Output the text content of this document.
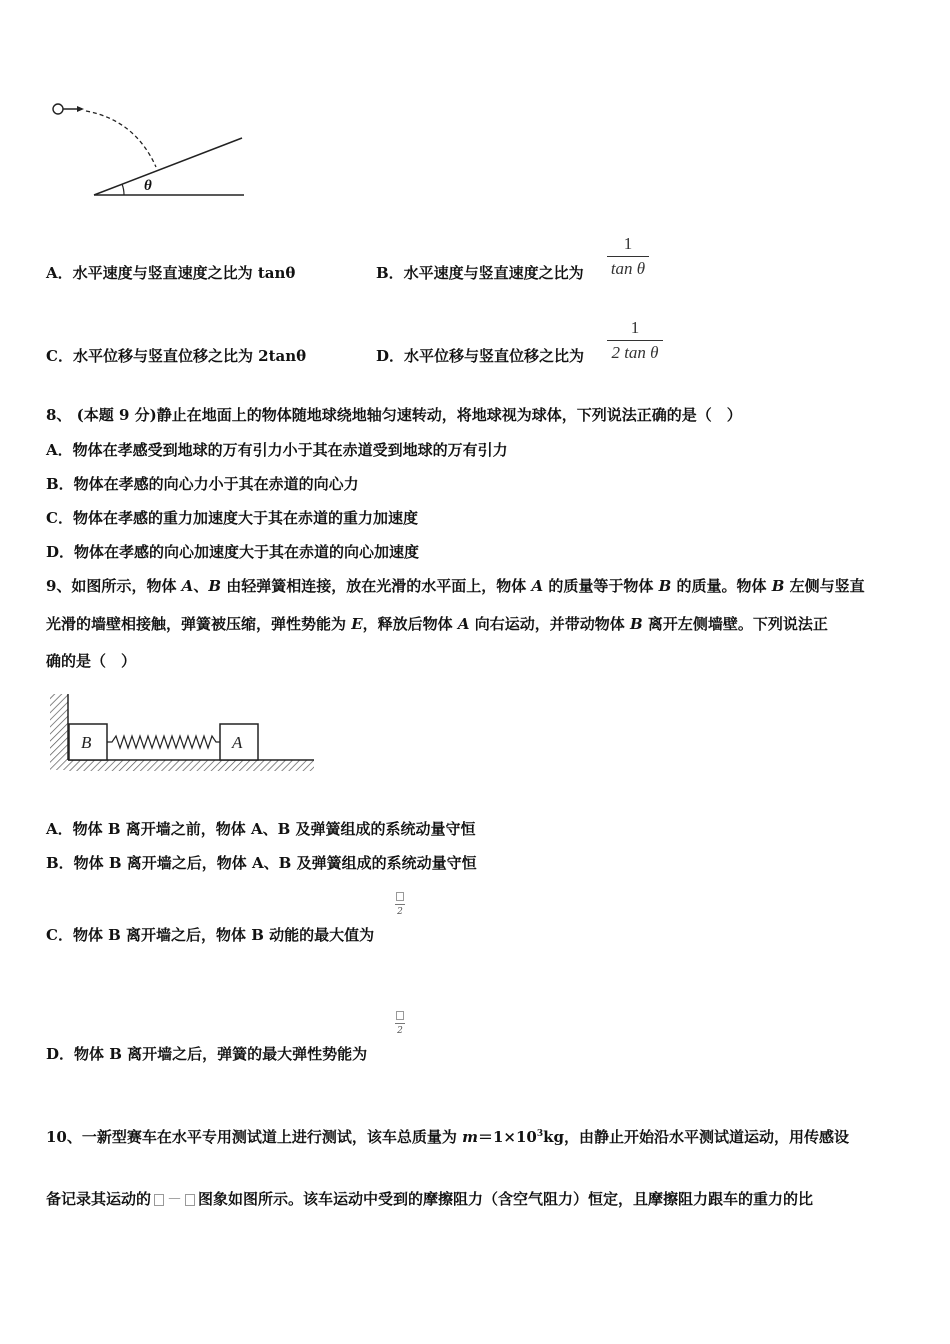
θ
A．水平速度与竖直速度之比为 tanθ	B．水平速度与竖直速度之比为
1
tan θ
C．水平位移与竖直位移之比为 2tanθ	D．水平位移与竖直位移之比为
1
2 tan θ
8、 (本题 9 分)静止在地面上的物体随地球绕地轴匀速转动，将地球视为球体，下列说法正确的是（　）
A．物体在孝感受到地球的万有引力小于其在赤道受到地球的万有引力
B．物体在孝感的向心力小于其在赤道的向心力
C．物体在孝感的重力加速度大于其在赤道的重力加速度
D．物体在孝感的向心加速度大于其在赤道的向心加速度
9、如图所示，物体 A、B 由轻弹簧相连接，放在光滑的水平面上，物体 A 的质量等于物体 B 的质量。物体 B 左侧与竖直
光滑的墙壁相接触，弹簧被压缩，弹性势能为 E，释放后物体 A 向右运动，并带动物体 B 离开左侧墙壁。下列说法正
确的是（　）
B	A
A．物体 B 离开墙之前，物体 A、B 及弹簧组成的系统动量守恒
B．物体 B 离开墙之后，物体 A、B 及弹簧组成的系统动量守恒
C．物体 B 离开墙之后，物体 B 动能的最大值为
2
D．物体 B 离开墙之后，弹簧的最大弹性势能为
2
10、一新型赛车在水平专用测试道上进行测试，该车总质量为 $m=1\times 10^3kg$，由静止开始沿水平测试道运动，用传感设
备记录其运动的 － 图象如图所示。该车运动中受到的摩擦阻力（含空气阻力）恒定，且摩擦阻力跟车的重力的比
